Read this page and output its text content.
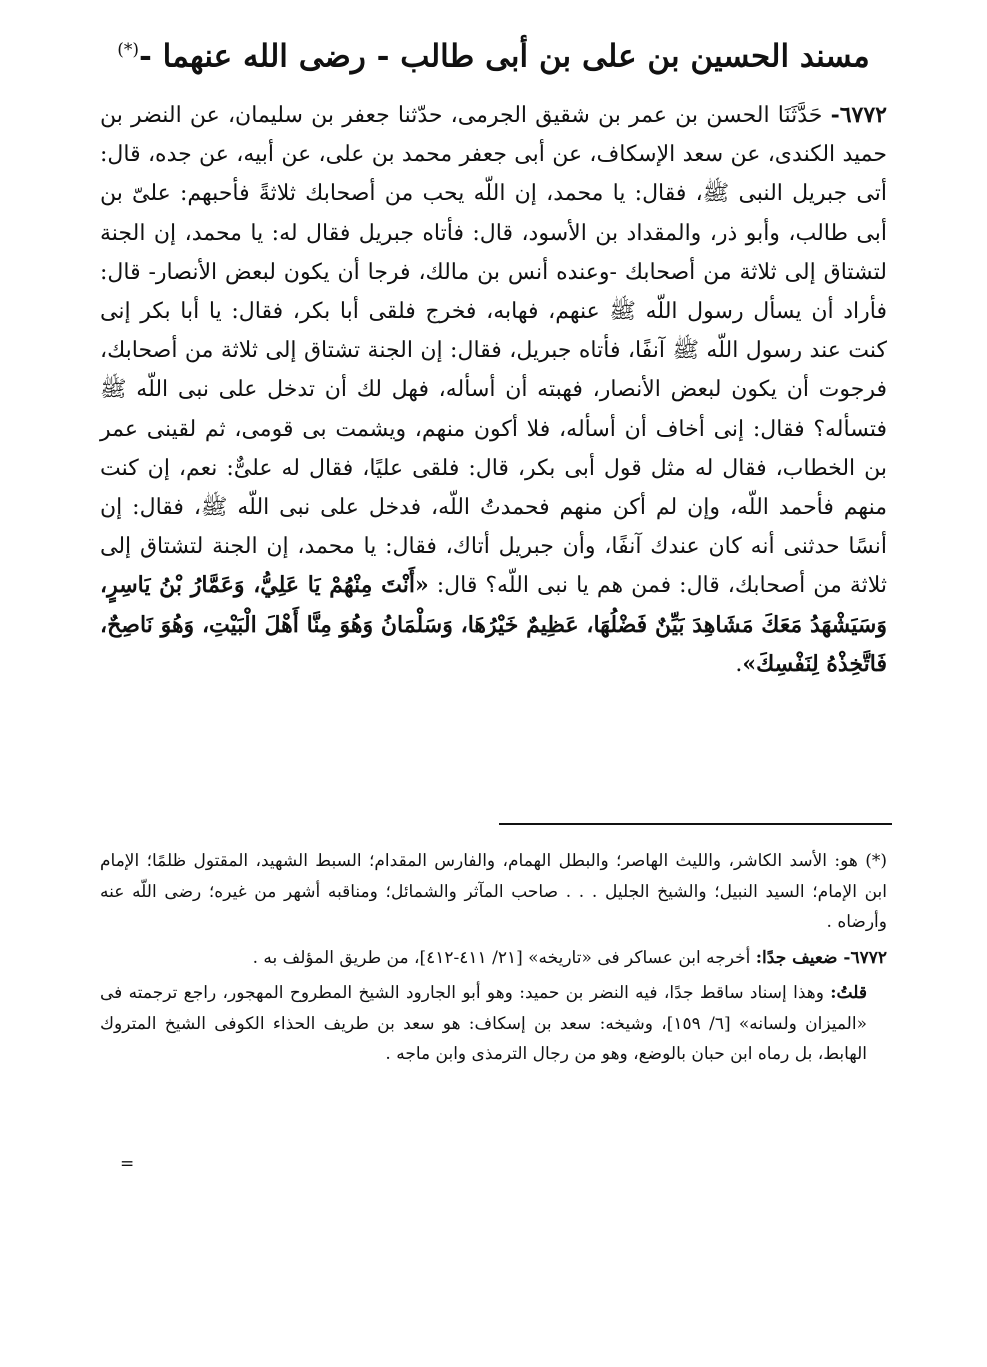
مسند الحسين بن على بن أبى طالب - رضى الله عنهما -(*)
٦٧٧٢- حَدَّثَنَا الحسن بن عمر بن شقيق الجرمى، حدّثنا جعفر بن سليمان، عن النضر بن حميد الكندى، عن سعد الإسكاف، عن أبى جعفر محمد بن على، عن أبيه، عن جده، قال: أتى جبريل النبى ﷺ، فقال: يا محمد، إن اللّه يحب من أصحابك ثلاثةً فأحبهم: علىّ بن أبى طالب، وأبو ذر، والمقداد بن الأسود، قال: فأتاه جبريل فقال له: يا محمد، إن الجنة لتشتاق إلى ثلاثة من أصحابك -وعنده أنس بن مالك، فرجا أن يكون لبعض الأنصار- قال: فأراد أن يسأل رسول اللّه ﷺ عنهم، فهابه، فخرج فلقى أبا بكر، فقال: يا أبا بكر إنى كنت عند رسول اللّه ﷺ آنفًا، فأتاه جبريل، فقال: إن الجنة تشتاق إلى ثلاثة من أصحابك، فرجوت أن يكون لبعض الأنصار، فهبته أن أسأله، فهل لك أن تدخل على نبى اللّه ﷺ فتسأله؟ فقال: إنى أخاف أن أسأله، فلا أكون منهم، ويشمت بى قومى، ثم لقينى عمر بن الخطاب، فقال له مثل قول أبى بكر، قال: فلقى عليًا، فقال له علىٌّ: نعم، إن كنت منهم فأحمد اللّه، وإن لم أكن منهم فحمدتُ اللّه، فدخل على نبى اللّه ﷺ، فقال: إن أنسًا حدثنى أنه كان عندك آنفًا، وأن جبريل أتاك، فقال: يا محمد، إن الجنة لتشتاق إلى ثلاثة من أصحابك، قال: فمن هم يا نبى اللّه؟ قال: «أَنْتَ مِنْهُمْ يَا عَلِيُّ، وَعَمَّارُ بْنُ يَاسِرٍ، وَسَيَشْهَدُ مَعَكَ مَشَاهِدَ بَيِّنٌ فَضْلُهَا، عَظِيمٌ خَيْرُهَا، وَسَلْمَانُ وَهُوَ مِنَّا أَهْلَ الْبَيْتِ، وَهُوَ نَاصِحٌ، فَاتَّخِذْهُ لِنَفْسِكَ».

(*) هو: الأسد الكاشر، والليث الهاصر؛ والبطل الهمام، والفارس المقدام؛ السبط الشهيد، المقتول ظلمًا؛ الإمام ابن الإمام؛ السيد النبيل؛ والشيخ الجليل . . . صاحب المآثر والشمائل؛ ومناقبه أشهر من غيره؛ رضى اللّه عنه وأرضاه .

٦٧٧٢- ضعيف جدًا: أخرجه ابن عساكر فى «تاريخه» [٢١/ ٤١١-٤١٢]، من طريق المؤلف به .

قلتُ: وهذا إسناد ساقط جدًا، فيه النضر بن حميد: وهو أبو الجارود الشيخ المطروح المهجور، راجع ترجمته فى «الميزان ولسانه» [٦/ ١٥٩]، وشيخه: سعد بن إسكاف: هو سعد بن طريف الحذاء الكوفى الشيخ المتروك الهابط، بل رماه ابن حبان بالوضع، وهو من رجال الترمذى وابن ماجه .

=
